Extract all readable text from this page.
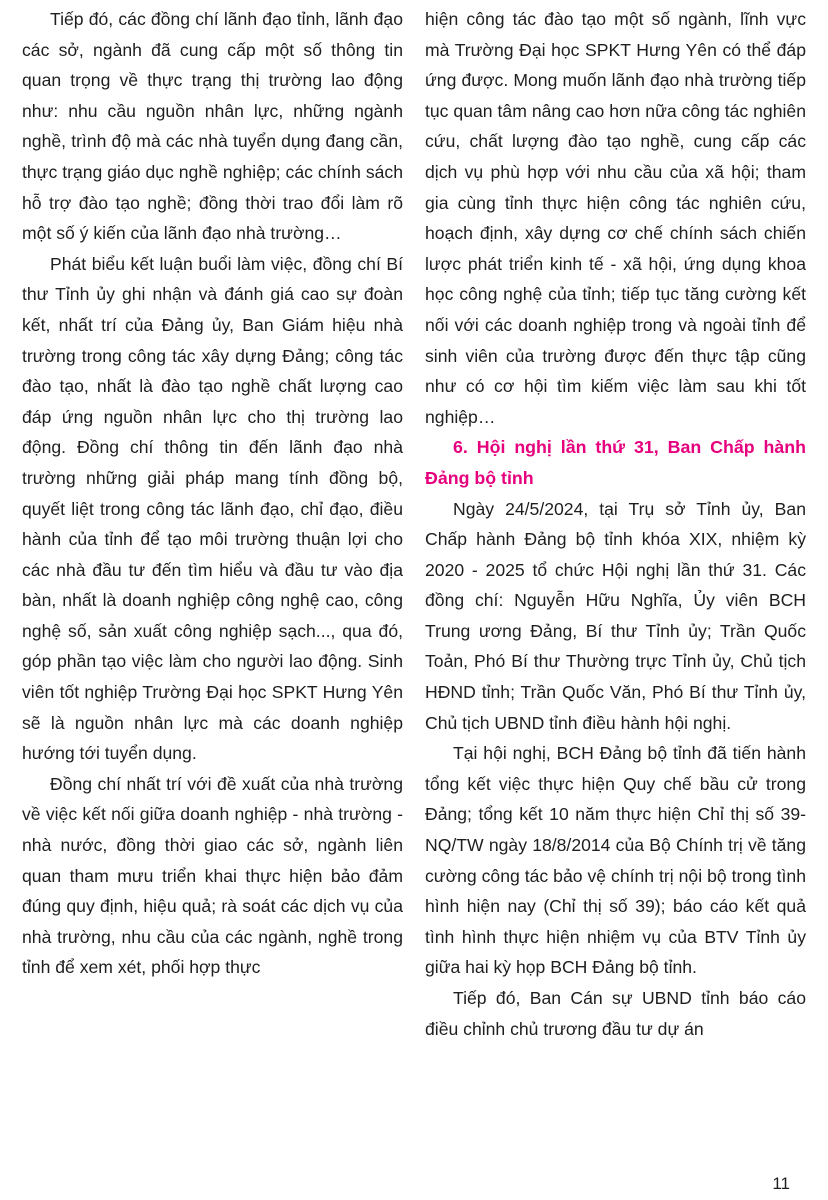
Tiếp đó, các đồng chí lãnh đạo tỉnh, lãnh đạo các sở, ngành đã cung cấp một số thông tin quan trọng về thực trạng thị trường lao động như: nhu cầu nguồn nhân lực, những ngành nghề, trình độ mà các nhà tuyển dụng đang cần, thực trạng giáo dục nghề nghiệp; các chính sách hỗ trợ đào tạo nghề; đồng thời trao đổi làm rõ một số ý kiến của lãnh đạo nhà trường…

Phát biểu kết luận buổi làm việc, đồng chí Bí thư Tỉnh ủy ghi nhận và đánh giá cao sự đoàn kết, nhất trí của Đảng ủy, Ban Giám hiệu nhà trường trong công tác xây dựng Đảng; công tác đào tạo, nhất là đào tạo nghề chất lượng cao đáp ứng nguồn nhân lực cho thị trường lao động. Đồng chí thông tin đến lãnh đạo nhà trường những giải pháp mang tính đồng bộ, quyết liệt trong công tác lãnh đạo, chỉ đạo, điều hành của tỉnh để tạo môi trường thuận lợi cho các nhà đầu tư đến tìm hiểu và đầu tư vào địa bàn, nhất là doanh nghiệp công nghệ cao, công nghệ số, sản xuất công nghiệp sạch..., qua đó, góp phần tạo việc làm cho người lao động. Sinh viên tốt nghiệp Trường Đại học SPKT Hưng Yên sẽ là nguồn nhân lực mà các doanh nghiệp hướng tới tuyển dụng.

Đồng chí nhất trí với đề xuất của nhà trường về việc kết nối giữa doanh nghiệp - nhà trường - nhà nước, đồng thời giao các sở, ngành liên quan tham mưu triển khai thực hiện bảo đảm đúng quy định, hiệu quả; rà soát các dịch vụ của nhà trường, nhu cầu của các ngành, nghề trong tỉnh để xem xét, phối hợp thực

hiện công tác đào tạo một số ngành, lĩnh vực mà Trường Đại học SPKT Hưng Yên có thể đáp ứng được. Mong muốn lãnh đạo nhà trường tiếp tục quan tâm nâng cao hơn nữa công tác nghiên cứu, chất lượng đào tạo nghề, cung cấp các dịch vụ phù hợp với nhu cầu của xã hội; tham gia cùng tỉnh thực hiện công tác nghiên cứu, hoạch định, xây dựng cơ chế chính sách chiến lược phát triển kinh tế - xã hội, ứng dụng khoa học công nghệ của tỉnh; tiếp tục tăng cường kết nối với các doanh nghiệp trong và ngoài tỉnh để sinh viên của trường được đến thực tập cũng như có cơ hội tìm kiếm việc làm sau khi tốt nghiệp…

6. Hội nghị lần thứ 31, Ban Chấp hành Đảng bộ tỉnh

Ngày 24/5/2024, tại Trụ sở Tỉnh ủy, Ban Chấp hành Đảng bộ tỉnh khóa XIX, nhiệm kỳ 2020 - 2025 tổ chức Hội nghị lần thứ 31. Các đồng chí: Nguyễn Hữu Nghĩa, Ủy viên BCH Trung ương Đảng, Bí thư Tỉnh ủy; Trần Quốc Toản, Phó Bí thư Thường trực Tỉnh ủy, Chủ tịch HĐND tỉnh; Trần Quốc Văn, Phó Bí thư Tỉnh ủy, Chủ tịch UBND tỉnh điều hành hội nghị.

Tại hội nghị, BCH Đảng bộ tỉnh đã tiến hành tổng kết việc thực hiện Quy chế bầu cử trong Đảng; tổng kết 10 năm thực hiện Chỉ thị số 39-NQ/TW ngày 18/8/2014 của Bộ Chính trị về tăng cường công tác bảo vệ chính trị nội bộ trong tình hình hiện nay (Chỉ thị số 39); báo cáo kết quả tình hình thực hiện nhiệm vụ của BTV Tỉnh ủy giữa hai kỳ họp BCH Đảng bộ tỉnh.

Tiếp đó, Ban Cán sự UBND tỉnh báo cáo điều chỉnh chủ trương đầu tư dự án

11
